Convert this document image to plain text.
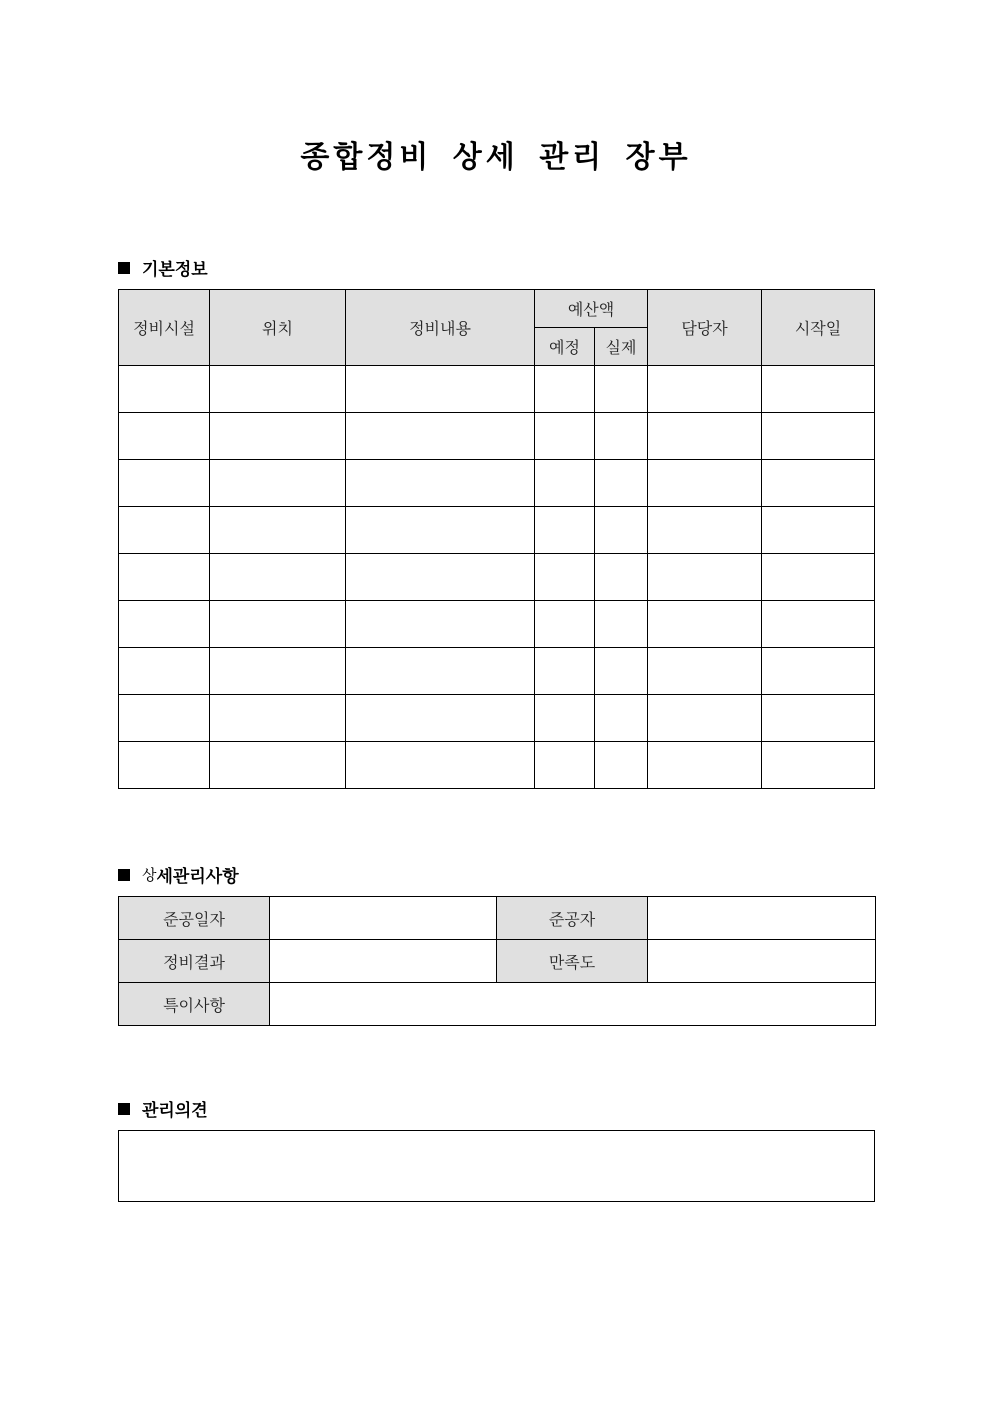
종합정비 상세 관리 장부
기본정보
정비시설	위치	정비내용	예산액		담당자	시작일
			예정	실제		

상 세관리사항
준공일자		준공자	
정비결과		만족도	
특이사항			
관리의견
